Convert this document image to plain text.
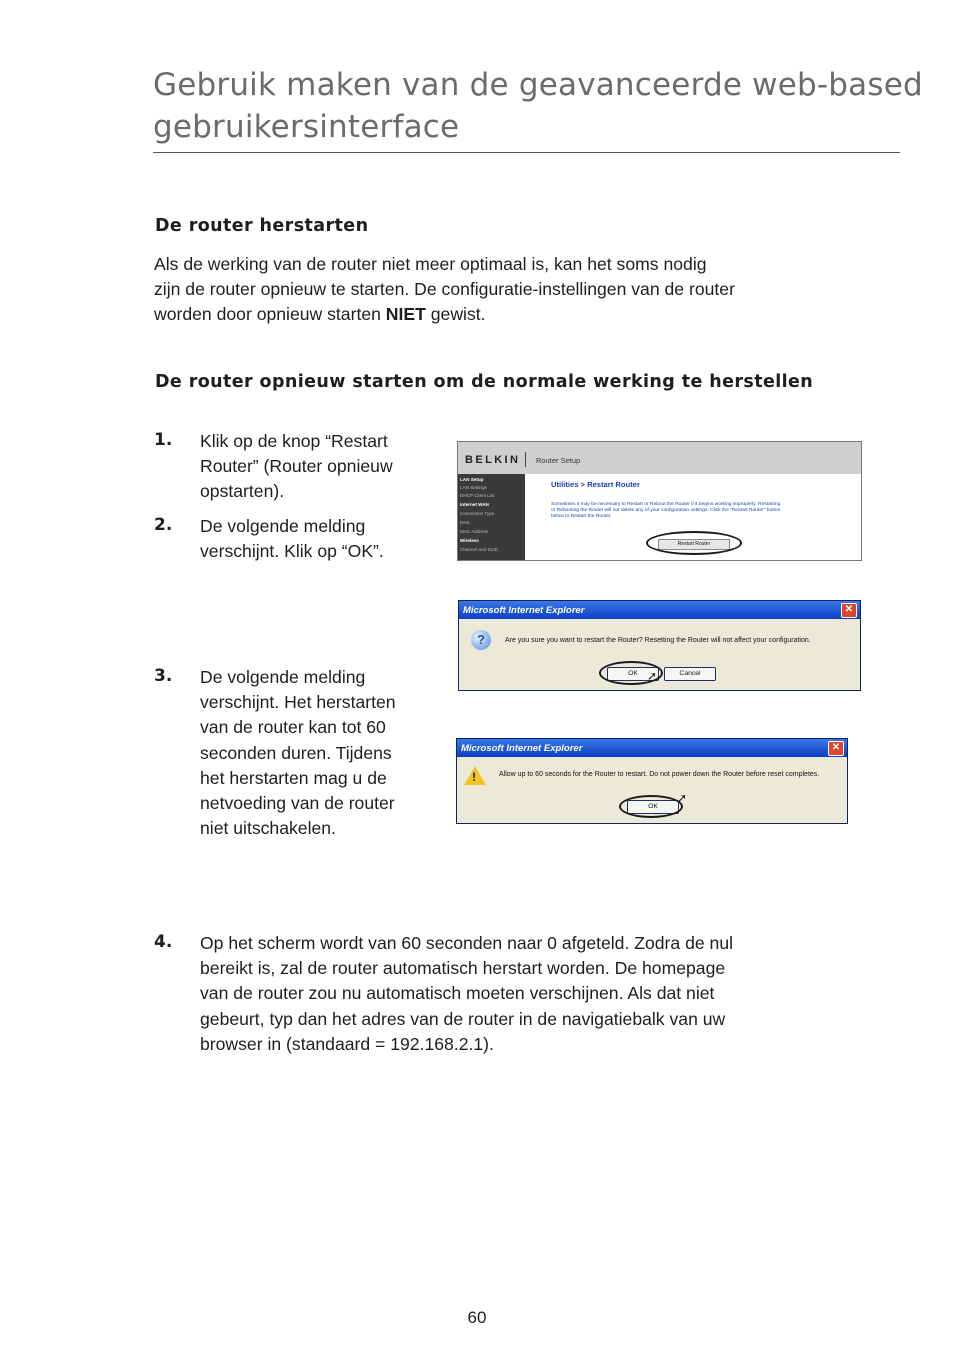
Gebruik maken van de geavanceerde web-based
gebruikersinterface
De router herstarten
Als de werking van de router niet meer optimaal is, kan het soms nodig
zijn de router opnieuw te starten. De configuratie-instellingen van de router
worden door opnieuw starten NIET gewist.
De router opnieuw starten om de normale werking te herstellen
1. Klik op de knop “Restart
Router” (Router opnieuw
opstarten).
2. De volgende melding
verschijnt. Klik op “OK”.
3. De volgende melding
verschijnt. Het herstarten
van de router kan tot 60
seconden duren. Tijdens
het herstarten mag u de
netvoeding van de router
niet uitschakelen.
4. Op het scherm wordt van 60 seconden naar 0 afgeteld. Zodra de nul
bereikt is, zal de router automatisch herstart worden. De homepage
van de router zou nu automatisch moeten verschijnen. Als dat niet
gebeurt, typ dan het adres van de router in de navigatiebalk van uw
browser in (standaard = 192.168.2.1).
BELKIN Router Setup
LAN Setup
LAN Settings
DHCP Client List
Internet WAN
Connection Type
DNS
MAC Address
Wireless
Channel and SSID
Utilities > Restart Router
Sometimes it may be necessary to Restart or Reboot the Router if it begins working improperly. Restarting
or Rebooting the Router will not delete any of your configuration settings. Click the "Restart Router" button
below to Restart the Router.
Restart Router
Microsoft Internet Explorer	✕
?	Are you sure you want to restart the Router? Resetting the Router will not affect your configuration.
OK	Cancel
➚
Microsoft Internet Explorer	✕
!	Allow up to 60 seconds for the Router to restart. Do not power down the Router before reset completes.
OK
➚
60
